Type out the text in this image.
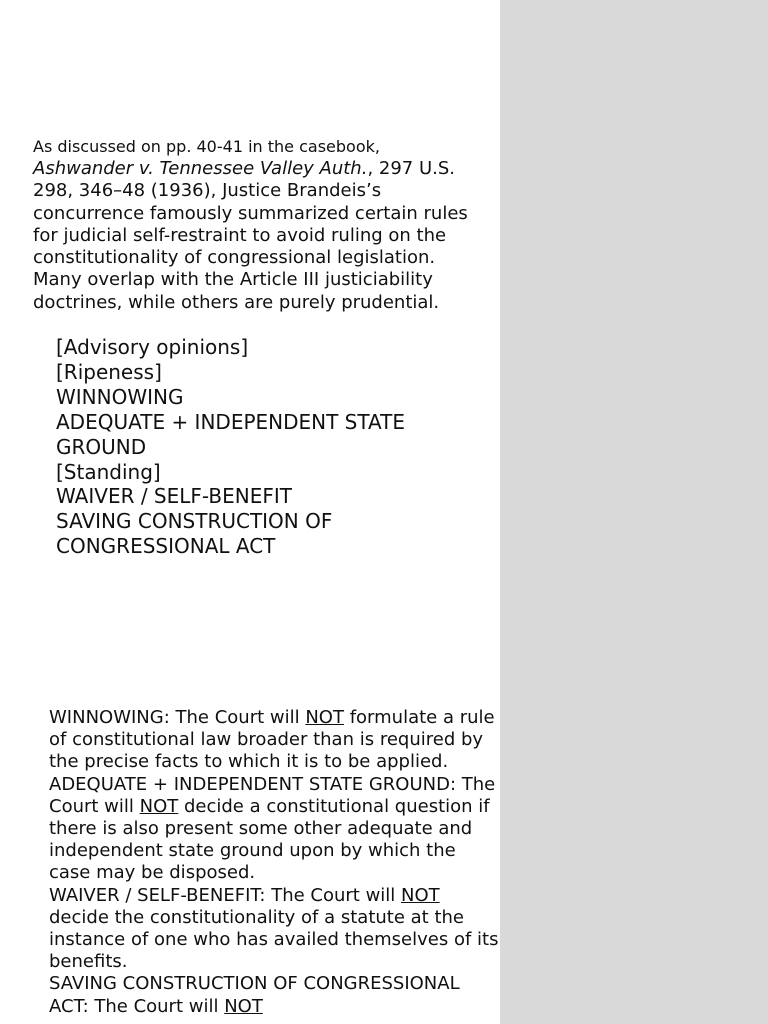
As discussed on pp. 40-41 in the casebook,

Ashwander v. Tennessee Valley Auth., 297 U.S. 298, 346–48 (1936), Justice Brandeis’s concurrence famously summarized certain rules for judicial self-restraint to avoid ruling on the constitutionality of congressional legislation.

Many overlap with the Article III justiciability doctrines, while others are purely prudential.

[Advisory opinions]
[Ripeness]
WINNOWING
ADEQUATE + INDEPENDENT STATE GROUND
[Standing]
WAIVER / SELF-BENEFIT
SAVING CONSTRUCTION OF CONGRESSIONAL ACT

WINNOWING: The Court will NOT formulate a rule of constitutional law broader than is required by the precise facts to which it is to be applied.

ADEQUATE + INDEPENDENT STATE GROUND: The Court will NOT decide a constitutional question if there is also present some other adequate and independent state ground upon by which the case may be disposed.

WAIVER / SELF-BENEFIT: The Court will NOT decide the constitutionality of a statute at the instance of one who has availed themselves of its benefits.

SAVING CONSTRUCTION OF CONGRESSIONAL ACT: The Court will NOT
